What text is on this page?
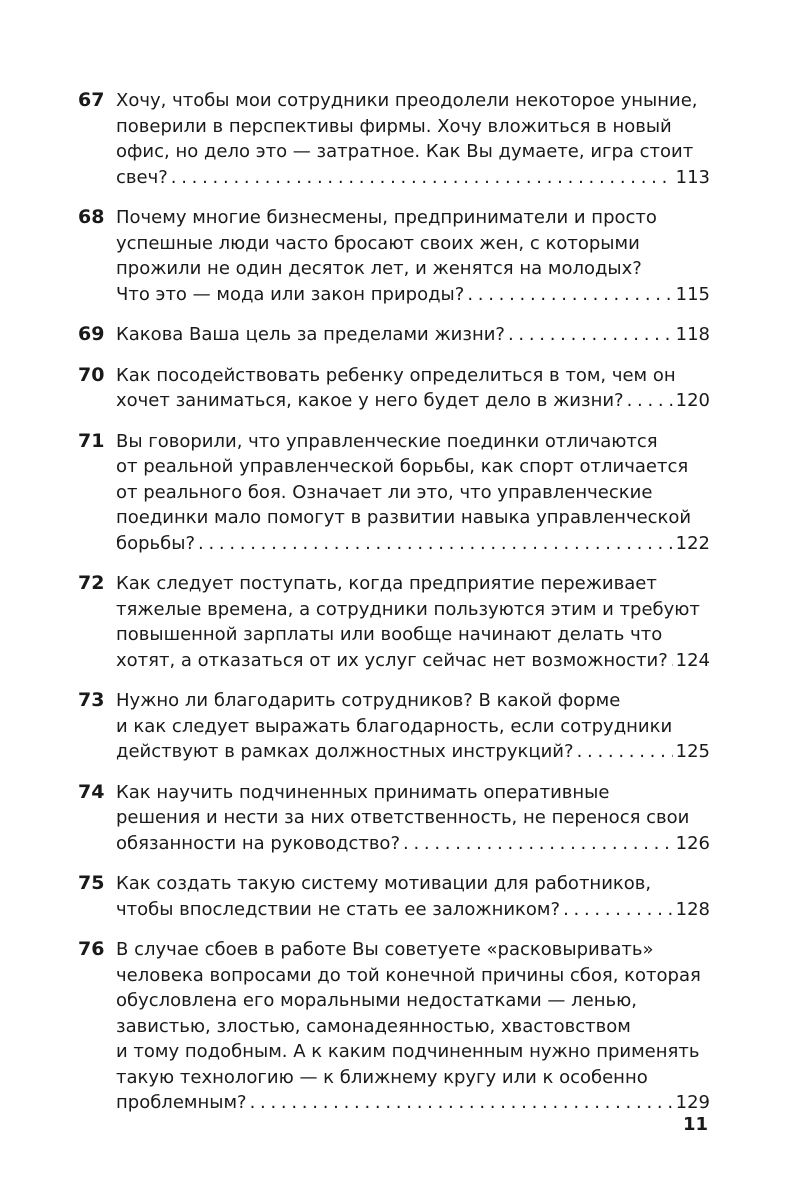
67 Хочу, чтобы мои сотрудники преодолели некоторое уныние,
поверили в перспективы фирмы. Хочу вложиться в новый
офис, но дело это — затратное. Как Вы думаете, игра стоит
свеч? . . .	113
68 Почему многие бизнесмены, предприниматели и просто
успешные люди часто бросают своих жен, с которыми
прожили не один десяток лет, и женятся на молодых?
Что это — мода или закон природы? . . .	115
69 Какова Ваша цель за пределами жизни? . . .	118
70 Как посодействовать ребенку определиться в том, чем он
хочет заниматься, какое у него будет дело в жизни? . . .	120
71 Вы говорили, что управленческие поединки отличаются
от реальной управленческой борьбы, как спорт отличается
от реального боя. Означает ли это, что управленческие
поединки мало помогут в развитии навыка управленческой
борьбы? . . .	122
72 Как следует поступать, когда предприятие переживает
тяжелые времена, а сотрудники пользуются этим и требуют
повышенной зарплаты или вообще начинают делать что
хотят, а отказаться от их услуг сейчас нет возможности? . . . 124
73 Нужно ли благодарить сотрудников? В какой форме
и как следует выражать благодарность, если сотрудники
действуют в рамках должностных инструкций? . . .	125
74 Как научить подчиненных принимать оперативные
решения и нести за них ответственность, не перенося свои
обязанности на руководство? . . .	126
75 Как создать такую систему мотивации для работников,
чтобы впоследствии не стать ее заложником? . . .	128
76 В случае сбоев в работе Вы советуете «расковыривать»
человека вопросами до той конечной причины сбоя, которая
обусловлена его моральными недостатками — ленью,
завистью, злостью, самонадеянностью, хвастовством
и тому подобным. А к каким подчиненным нужно применять
такую технологию — к ближнему кругу или к особенно
проблемным? . . .	129
11
